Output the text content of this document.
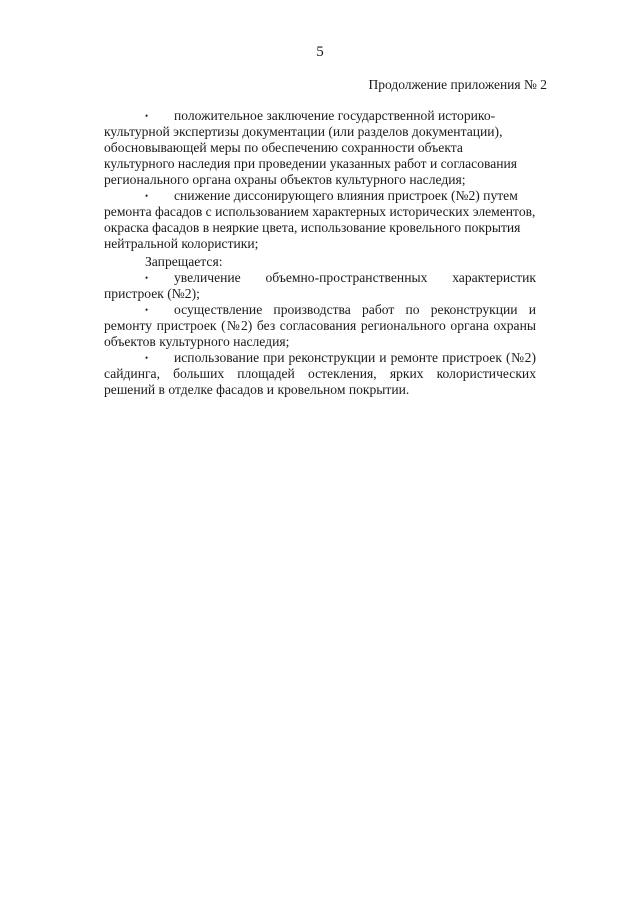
5
Продолжение приложения № 2

• положительное заключение государственной историко-культурной экспертизы документации (или разделов документации), обосновывающей меры по обеспечению сохранности объекта культурного наследия при проведении указанных работ и согласования регионального органа охраны объектов культурного наследия;

• снижение диссонирующего влияния пристроек (№2) путем ремонта фасадов с использованием характерных исторических элементов, окраска фасадов в неяркие цвета, использование кровельного покрытия нейтральной колористики;

Запрещается:

• увеличение объемно-пространственных характеристик пристроек (№2);

• осуществление производства работ по реконструкции и ремонту пристроек (№2) без согласования регионального органа охраны объектов культурного наследия;

• использование при реконструкции и ремонте пристроек (№2) сайдинга, больших площадей остекления, ярких колористических решений в отделке фасадов и кровельном покрытии.
